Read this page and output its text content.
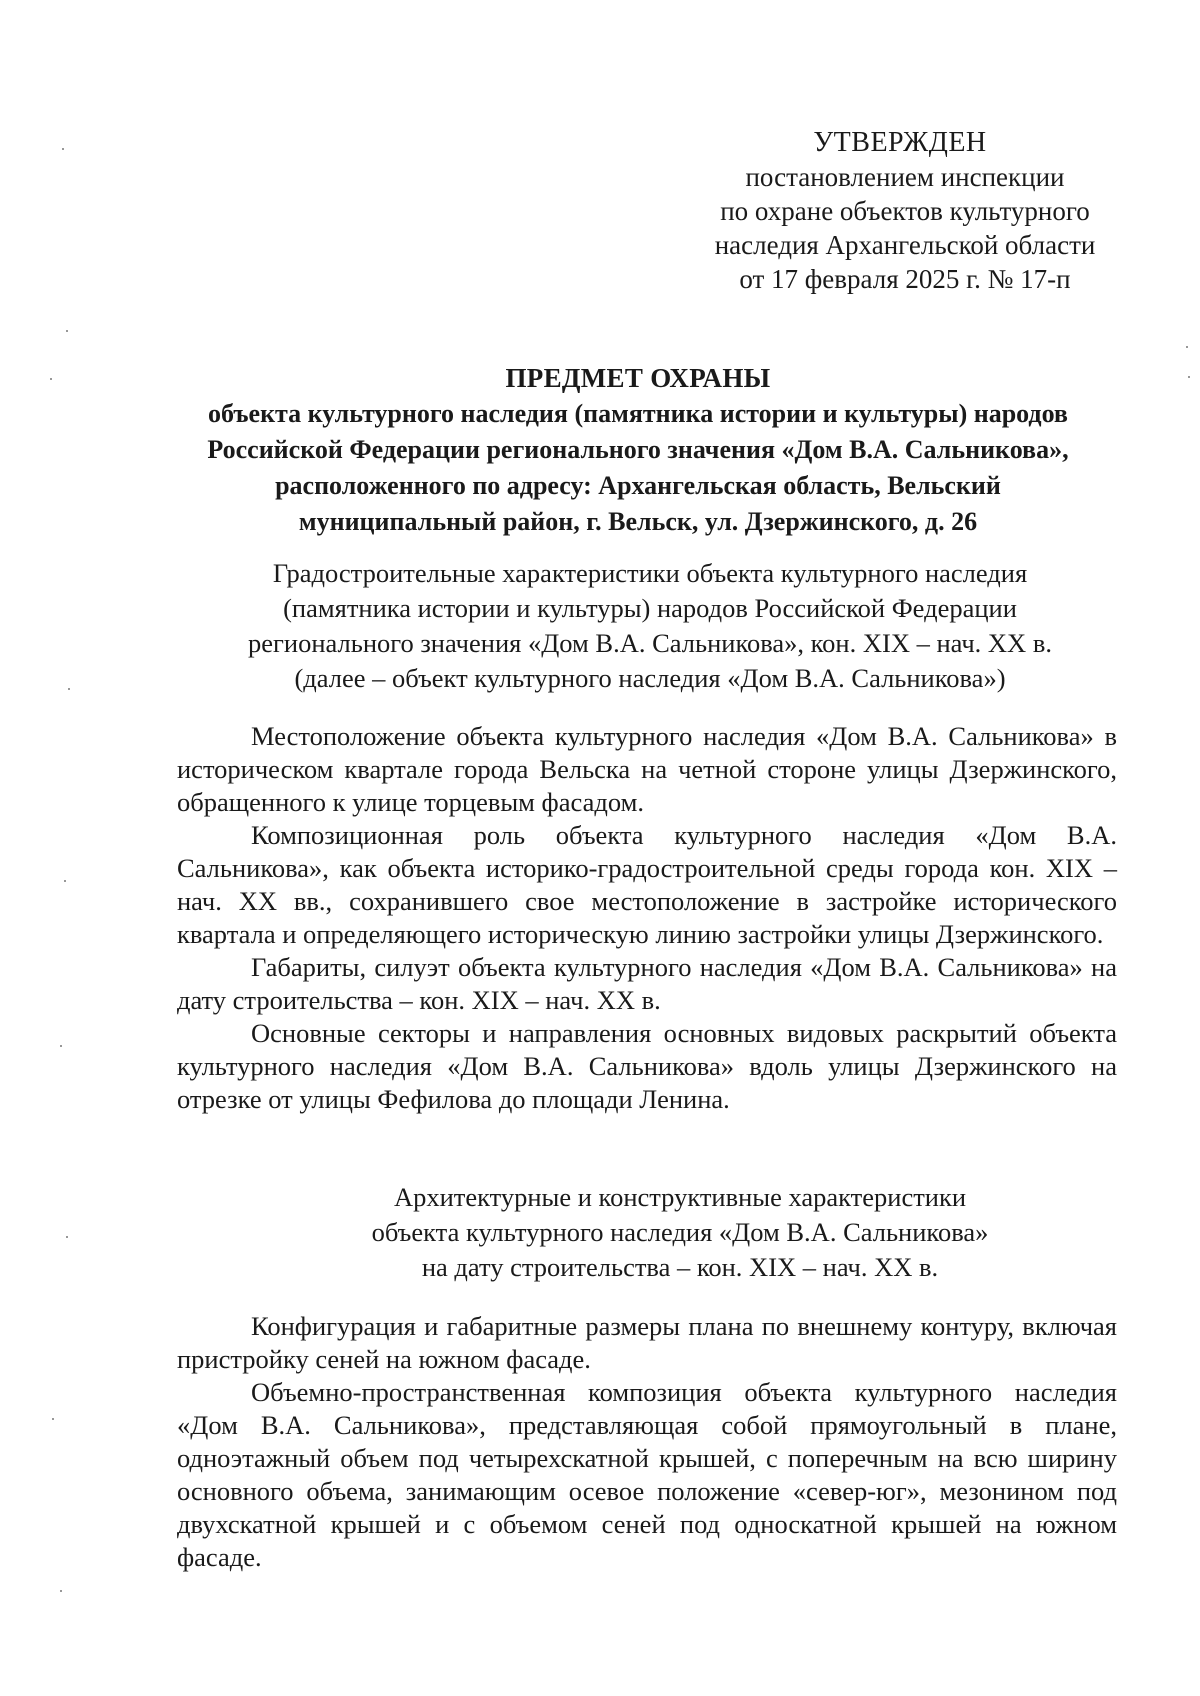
УТВЕРЖДЕН
постановлением инспекции
по охране объектов культурного
наследия Архангельской области
от 17 февраля 2025 г. № 17-п
ПРЕДМЕТ ОХРАНЫ
объекта культурного наследия (памятника истории и культуры) народов
Российской Федерации регионального значения «Дом В.А. Сальникова»,
расположенного по адресу: Архангельская область, Вельский
муниципальный район, г. Вельск, ул. Дзержинского, д. 26
Градостроительные характеристики объекта культурного наследия
(памятника истории и культуры) народов Российской Федерации
регионального значения «Дом В.А. Сальникова», кон. XIX – нач. XX в.
(далее – объект культурного наследия «Дом В.А. Сальникова»)

Местоположение объекта культурного наследия «Дом В.А. Сальникова» в историческом квартале города Вельска на четной стороне улицы Дзержинского, обращенного к улице торцевым фасадом.

Композиционная роль объекта культурного наследия «Дом В.А. Сальникова», как объекта историко-градостроительной среды города кон. XIX – нач. XX вв., сохранившего свое местоположение в застройке исторического квартала и определяющего историческую линию застройки улицы Дзержинского.

Габариты, силуэт объекта культурного наследия «Дом В.А. Сальникова» на дату строительства – кон. XIX – нач. XX в.

Основные секторы и направления основных видовых раскрытий объекта культурного наследия «Дом В.А. Сальникова» вдоль улицы Дзержинского на отрезке от улицы Фефилова до площади Ленина.

Архитектурные и конструктивные характеристики
объекта культурного наследия «Дом В.А. Сальникова»
на дату строительства – кон. XIX – нач. XX в.

Конфигурация и габаритные размеры плана по внешнему контуру, включая пристройку сеней на южном фасаде.

Объемно-пространственная композиция объекта культурного наследия «Дом В.А. Сальникова», представляющая собой прямоугольный в плане, одноэтажный объем под четырехскатной крышей, с поперечным на всю ширину основного объема, занимающим осевое положение «север-юг», мезонином под двухскатной крышей и с объемом сеней под односкатной крышей на южном фасаде.
